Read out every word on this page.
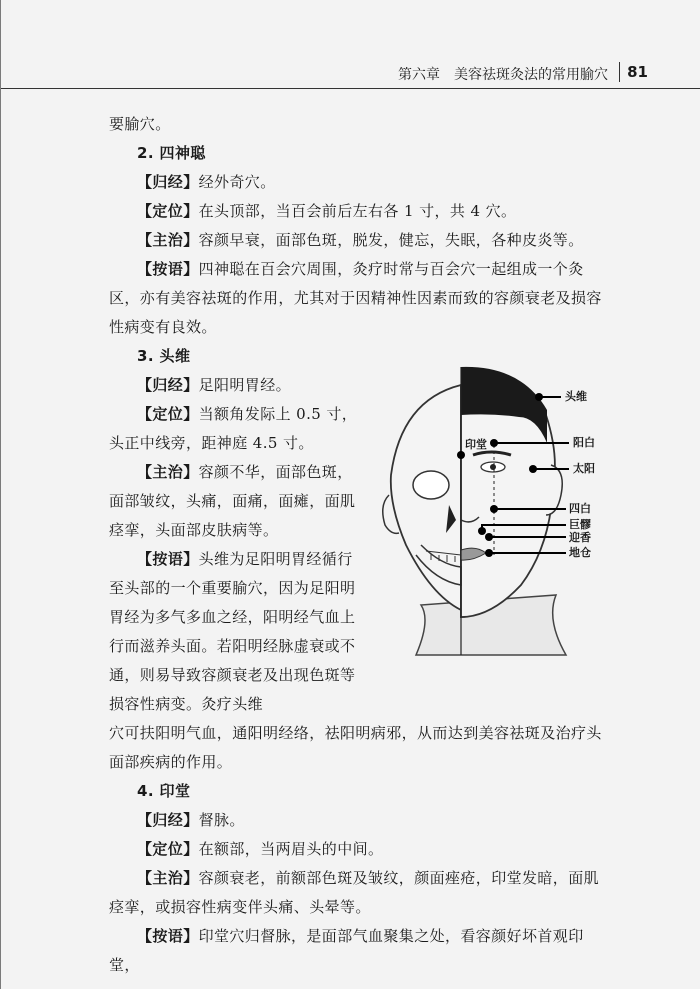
第六章　美容祛斑灸法的常用腧穴 81

要腧穴。

2. 四神聪

【归经】经外奇穴。

【定位】在头顶部，当百会前后左右各 1 寸，共 4 穴。

【主治】容颜早衰，面部色斑，脱发，健忘，失眠，各种皮炎等。

【按语】四神聪在百会穴周围，灸疗时常与百会穴一起组成一个灸区，亦有美容祛斑的作用，尤其对于因精神性因素而致的容颜衰老及损容性病变有良效。

3. 头维

【归经】足阳明胃经。

【定位】当额角发际上 0.5 寸，头正中线旁，距神庭 4.5 寸。

【主治】容颜不华，面部色斑，面部皱纹，头痛，面痛，面瘫，面肌痉挛，头面部皮肤病等。

【按语】头维为足阳明胃经循行至头部的一个重要腧穴，因为足阳明胃经为多气多血之经，阳明经气血上行而滋养头面。若阳明经脉虚衰或不通，则易导致容颜衰老及出现色斑等损容性病变。灸疗头维

穴可扶阳明气血，通阳明经络，祛阳明病邪，从而达到美容祛斑及治疗头面部疾病的作用。

4. 印堂

【归经】督脉。

【定位】在额部，当两眉头的中间。

【主治】容颜衰老，前额部色斑及皱纹，颜面痤疮，印堂发暗，面肌痉挛，或损容性病变伴头痛、头晕等。

【按语】印堂穴归督脉，是面部气血聚集之处，看容颜好坏首观印堂，

头维
印堂	阳白
太阳
四白
巨髎
迎香
地仓
